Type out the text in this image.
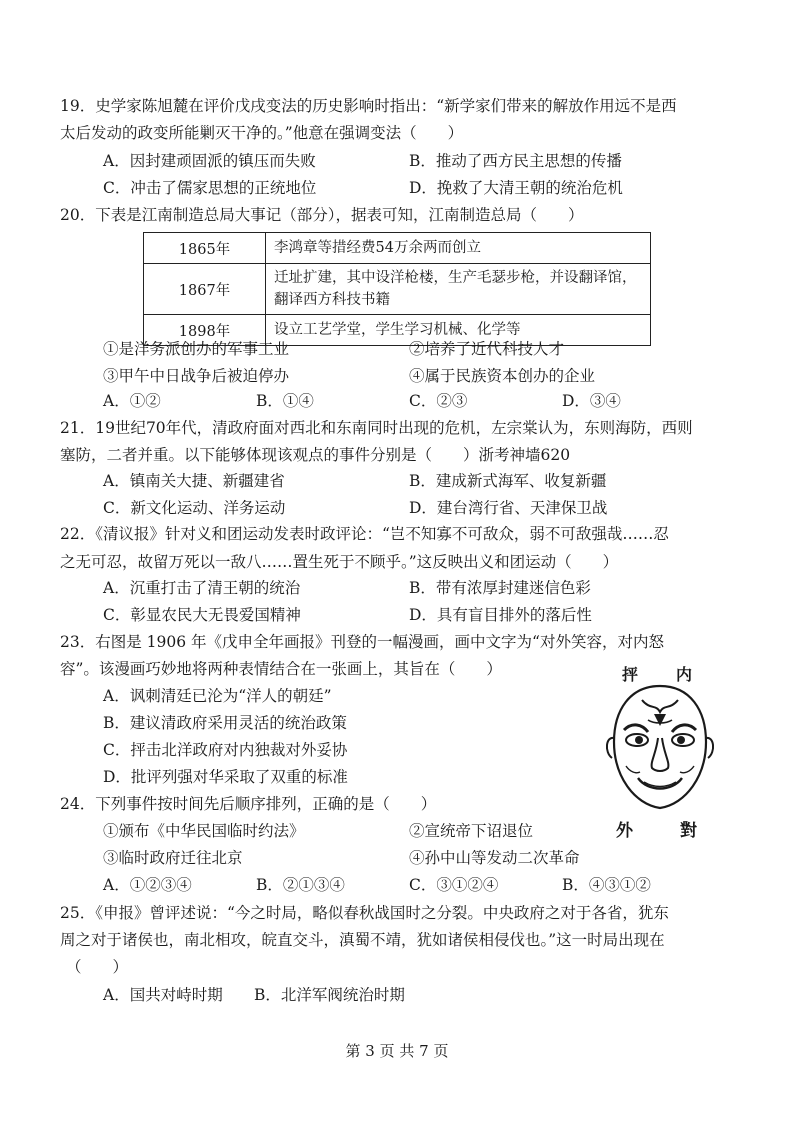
19．史学家陈旭麓在评价戊戌变法的历史影响时指出：“新学家们带来的解放作用远不是西
太后发动的政变所能剿灭干净的。”他意在强调变法（　　）
A．因封建顽固派的镇压而失败	B．推动了西方民主思想的传播
C．冲击了儒家思想的正统地位	D．挽救了大清王朝的统治危机
20．下表是江南制造总局大事记（部分），据表可知，江南制造总局（　　）
1865年	李鸿章等措经费54万余两而创立
1867年	迁址扩建，其中设洋枪楼，生产毛瑟步枪，并设翻译馆，翻译西方科技书籍
1898年	设立工艺学堂，学生学习机械、化学等
①是洋务派创办的军事工业	②培养了近代科技人才
③甲午中日战争后被迫停办	④属于民族资本创办的企业
A．①②	B．①④	C．②③	D．③④
21．19世纪70年代，清政府面对西北和东南同时出现的危机，左宗棠认为，东则海防，西则
塞防，二者并重。以下能够体现该观点的事件分别是（　　）浙考神墙620
A．镇南关大捷、新疆建省	B．建成新式海军、收复新疆
C．新文化运动、洋务运动	D．建台湾行省、天津保卫战
22．《清议报》针对义和团运动发表时政评论：“岂不知寡不可敌众，弱不可敌强哉……忍
之无可忍，故留万死以一敌八……置生死于不顾乎。”这反映出义和团运动（　　）
A．沉重打击了清王朝的统治	B．带有浓厚封建迷信色彩
C．彰显农民大无畏爱国精神	D．具有盲目排外的落后性
23．右图是 1906 年《戊申全年画报》刊登的一幅漫画，画中文字为“对外笑容，对内怒
容”。该漫画巧妙地将两种表情结合在一张画上，其旨在（　　）
A．讽刺清廷已沦为“洋人的朝廷”
B．建议清政府采用灵活的统治政策
C．抨击北洋政府对内独裁对外妥协
D．批评列强对华采取了双重的标准
抨 内
外	對
24．下列事件按时间先后顺序排列，正确的是（　　）
①颁布《中华民国临时约法》	②宣统帝下诏退位
③临时政府迁往北京	④孙中山等发动二次革命
A．①②③④	B．②①③④	C．③①②④	B．④③①②
25．《申报》曾评述说：“今之时局，略似春秋战国时之分裂。中央政府之对于各省，犹东
周之对于诸侯也，南北相攻，皖直交斗，滇蜀不靖，犹如诸侯相侵伐也。”这一时局出现在
（　　）
A．国共对峙时期 B．北洋军阀统治时期
第 3 页 共 7 页
